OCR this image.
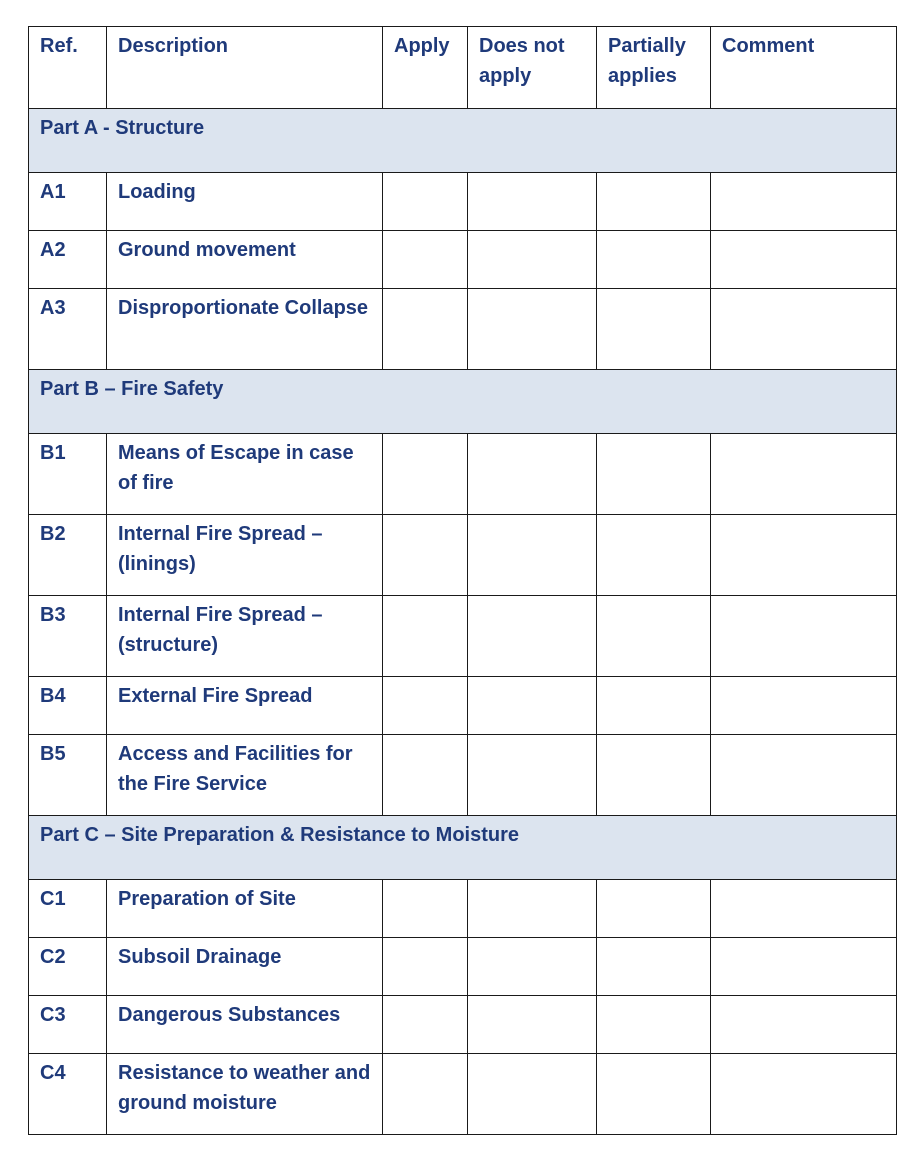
Ref.	Description	Apply	Does not apply	Partially applies	Comment
Part A - Structure					
A1	Loading				
A2	Ground movement				
A3	Disproportionate Collapse				
Part B – Fire Safety					
B1	Means of Escape in case of fire				
B2	Internal Fire Spread – (linings)				
B3	Internal Fire Spread – (structure)				
B4	External Fire Spread				
B5	Access and Facilities for the Fire Service				
Part C – Site Preparation & Resistance to Moisture					
C1	Preparation of Site				
C2	Subsoil Drainage				
C3	Dangerous Substances				
C4	Resistance to weather and ground moisture				
